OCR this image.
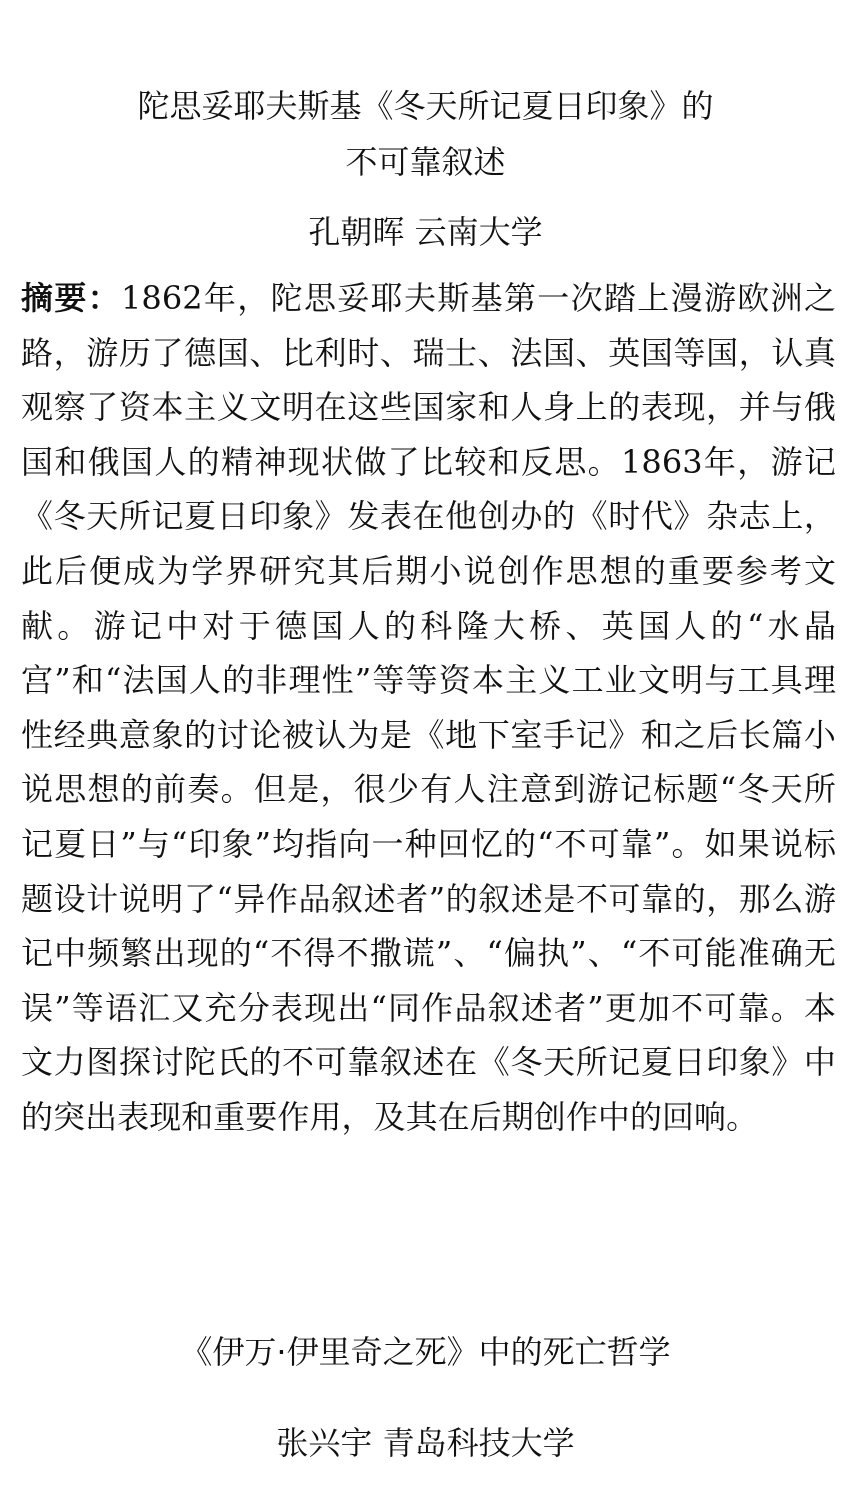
陀思妥耶夫斯基《冬天所记夏日印象》的
不可靠叙述

孔朝晖 云南大学

摘要：1862年，陀思妥耶夫斯基第一次踏上漫游欧洲之路，游历了德国、比利时、瑞士、法国、英国等国，认真观察了资本主义文明在这些国家和人身上的表现，并与俄国和俄国人的精神现状做了比较和反思。1863年，游记《冬天所记夏日印象》发表在他创办的《时代》杂志上，此后便成为学界研究其后期小说创作思想的重要参考文献。游记中对于德国人的科隆大桥、英国人的“水晶宫”和“法国人的非理性”等等资本主义工业文明与工具理性经典意象的讨论被认为是《地下室手记》和之后长篇小说思想的前奏。但是，很少有人注意到游记标题“冬天所记夏日”与“印象”均指向一种回忆的“不可靠”。如果说标题设计说明了“异作品叙述者”的叙述是不可靠的，那么游记中频繁出现的“不得不撒谎”、“偏执”、“不可能准确无误”等语汇又充分表现出“同作品叙述者”更加不可靠。本文力图探讨陀氏的不可靠叙述在《冬天所记夏日印象》中的突出表现和重要作用，及其在后期创作中的回响。

《伊万·伊里奇之死》中的死亡哲学

张兴宇 青岛科技大学
